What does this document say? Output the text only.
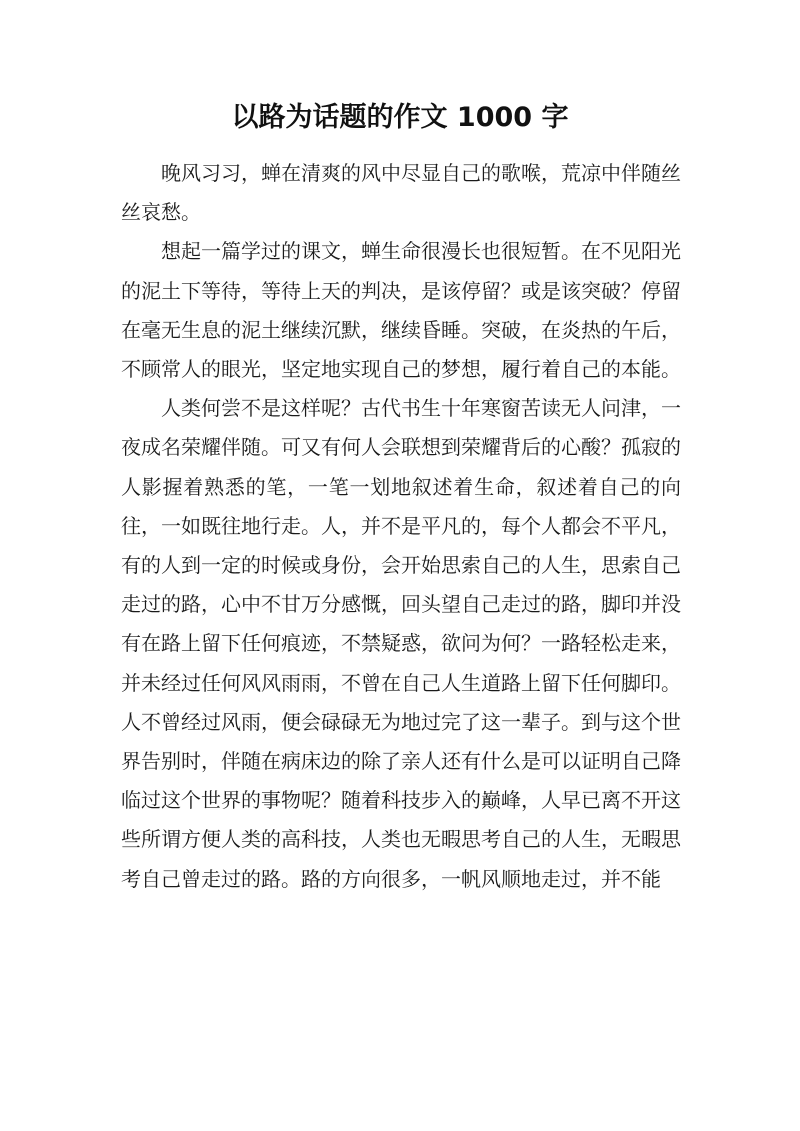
以路为话题的作文 1000 字

晚风习习，蝉在清爽的风中尽显自己的歌喉，荒凉中伴随丝丝哀愁。

想起一篇学过的课文，蝉生命很漫长也很短暂。在不见阳光的泥土下等待，等待上天的判决，是该停留？或是该突破？停留在毫无生息的泥土继续沉默，继续昏睡。突破，在炎热的午后，不顾常人的眼光，坚定地实现自己的梦想，履行着自己的本能。

人类何尝不是这样呢？古代书生十年寒窗苦读无人问津，一夜成名荣耀伴随。可又有何人会联想到荣耀背后的心酸？孤寂的人影握着熟悉的笔，一笔一划地叙述着生命，叙述着自己的向往，一如既往地行走。人，并不是平凡的，每个人都会不平凡，有的人到一定的时候或身份，会开始思索自己的人生，思索自己走过的路，心中不甘万分感慨，回头望自己走过的路，脚印并没有在路上留下任何痕迹，不禁疑惑，欲问为何？一路轻松走来，并未经过任何风风雨雨，不曾在自己人生道路上留下任何脚印。人不曾经过风雨，便会碌碌无为地过完了这一辈子。到与这个世界告别时，伴随在病床边的除了亲人还有什么是可以证明自己降临过这个世界的事物呢？随着科技步入的巅峰，人早已离不开这些所谓方便人类的高科技，人类也无暇思考自己的人生，无暇思考自己曾走过的路。路的方向很多，一帆风顺地走过，并不能
